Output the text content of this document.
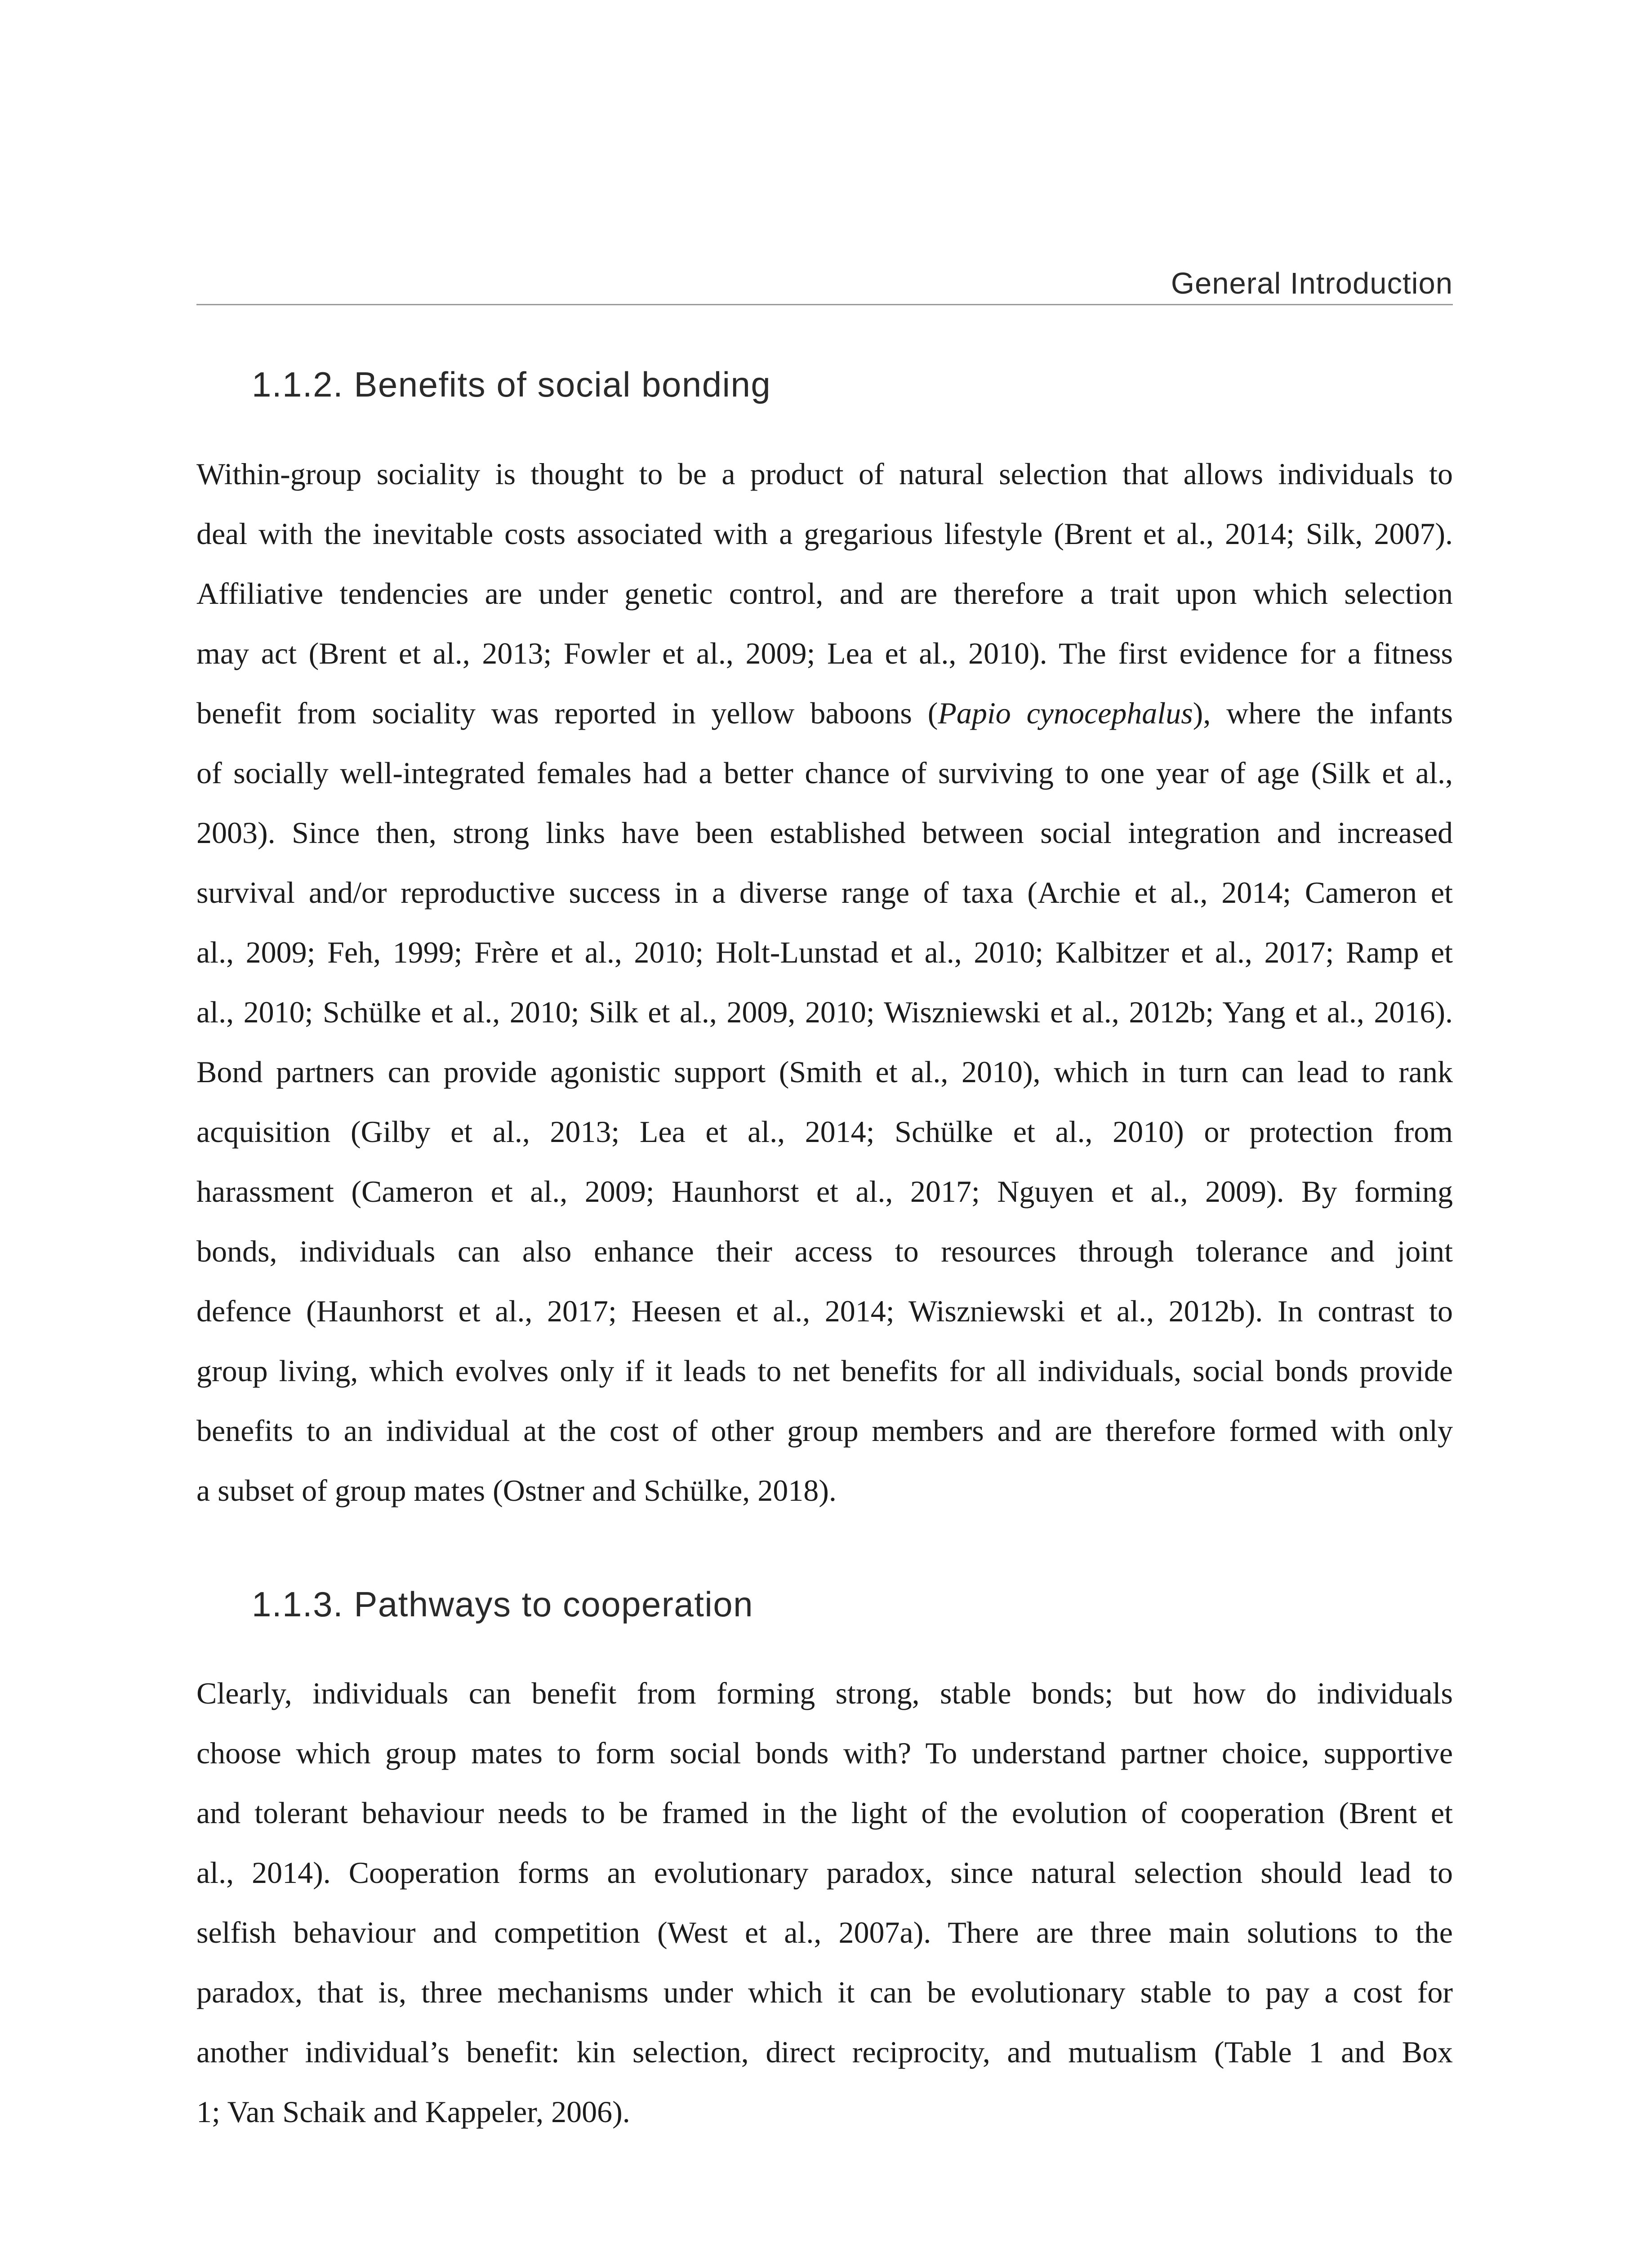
General Introduction
1.1.2. Benefits of social bonding
Within-group sociality is thought to be a product of natural selection that allows individuals to
deal with the inevitable costs associated with a gregarious lifestyle (Brent et al., 2014; Silk, 2007).
Affiliative tendencies are under genetic control, and are therefore a trait upon which selection
may act (Brent et al., 2013; Fowler et al., 2009; Lea et al., 2010). The first evidence for a fitness
benefit from sociality was reported in yellow baboons (Papio cynocephalus), where the infants
of socially well-integrated females had a better chance of surviving to one year of age (Silk et al.,
2003). Since then, strong links have been established between social integration and increased
survival and/or reproductive success in a diverse range of taxa (Archie et al., 2014; Cameron et
al., 2009; Feh, 1999; Frère et al., 2010; Holt-Lunstad et al., 2010; Kalbitzer et al., 2017; Ramp et
al., 2010; Schülke et al., 2010; Silk et al., 2009, 2010; Wiszniewski et al., 2012b; Yang et al., 2016).
Bond partners can provide agonistic support (Smith et al., 2010), which in turn can lead to rank
acquisition (Gilby et al., 2013; Lea et al., 2014; Schülke et al., 2010) or protection from
harassment (Cameron et al., 2009; Haunhorst et al., 2017; Nguyen et al., 2009). By forming
bonds, individuals can also enhance their access to resources through tolerance and joint
defence (Haunhorst et al., 2017; Heesen et al., 2014; Wiszniewski et al., 2012b). In contrast to
group living, which evolves only if it leads to net benefits for all individuals, social bonds provide
benefits to an individual at the cost of other group members and are therefore formed with only
a subset of group mates (Ostner and Schülke, 2018).
1.1.3. Pathways to cooperation
Clearly, individuals can benefit from forming strong, stable bonds; but how do individuals
choose which group mates to form social bonds with? To understand partner choice, supportive
and tolerant behaviour needs to be framed in the light of the evolution of cooperation (Brent et
al., 2014). Cooperation forms an evolutionary paradox, since natural selection should lead to
selfish behaviour and competition (West et al., 2007a). There are three main solutions to the
paradox, that is, three mechanisms under which it can be evolutionary stable to pay a cost for
another individual’s benefit: kin selection, direct reciprocity, and mutualism (Table 1 and Box
1; Van Schaik and Kappeler, 2006).
